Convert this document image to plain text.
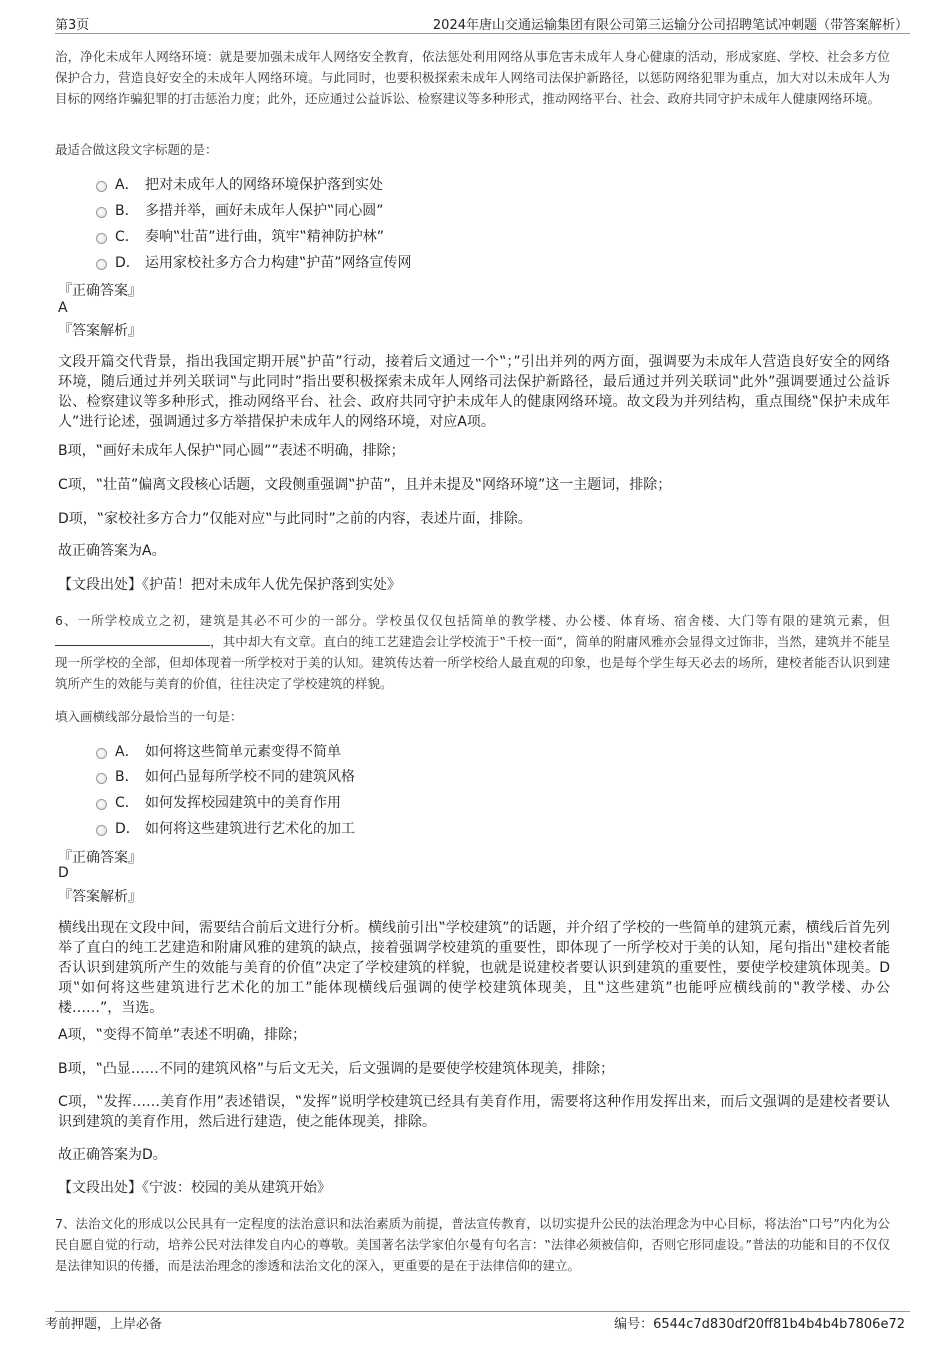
第3页	2024年唐山交通运输集团有限公司第三运输分公司招聘笔试冲刺题（带答案解析）
治，净化未成年人网络环境：就是要加强未成年人网络安全教育，依法惩处利用网络从事危害未成年人身心健康的活动，形成家庭、学校、社会多方位保护合力，营造良好安全的未成年人网络环境。与此同时，也要积极探索未成年人网络司法保护新路径，以惩防网络犯罪为重点，加大对以未成年人为目标的网络诈骗犯罪的打击惩治力度；此外，还应通过公益诉讼、检察建议等多种形式，推动网络平台、社会、政府共同守护未成年人健康网络环境。
最适合做这段文字标题的是：
A． 把对未成年人的网络环境保护落到实处
B． 多措并举，画好未成年人保护‟同心圆”
C． 奏响‟壮苗”进行曲，筑牢‟精神防护林”
D． 运用家校社多方合力构建‟护苗”网络宣传网
『正确答案』
A
『答案解析』
文段开篇交代背景，指出我国定期开展‟护苗”行动，接着后文通过一个‟；”引出并列的两方面，强调要为未成年人营造良好安全的网络环境，随后通过并列关联词‟与此同时”指出要积极探索未成年人网络司法保护新路径，最后通过并列关联词‟此外”强调要通过公益诉讼、检察建议等多种形式，推动网络平台、社会、政府共同守护未成年人的健康网络环境。故文段为并列结构，重点围绕‟保护未成年人”进行论述，强调通过多方举措保护未成年人的网络环境，对应A项。
B项，‟画好未成年人保护‟同心圆””表述不明确，排除；
C项，‟壮苗”偏离文段核心话题，文段侧重强调‟护苗”，且并未提及‟网络环境”这一主题词，排除；
D项，‟家校社多方合力”仅能对应‟与此同时”之前的内容，表述片面，排除。
故正确答案为A。
【文段出处】《护苗！把对未成年人优先保护落到实处》
6、一所学校成立之初，建筑是其必不可少的一部分。学校虽仅仅包括简单的教学楼、办公楼、体育场、宿舍楼、大门等有限的建筑元素，但，其中却大有文章。直白的纯工艺建造会让学校流于‟千校一面”，简单的附庸风雅亦会显得文过饰非，当然，建筑并不能呈现一所学校的全部，但却体现着一所学校对于美的认知。建筑传达着一所学校给人最直观的印象，也是每个学生每天必去的场所，建校者能否认识到建筑所产生的效能与美育的价值，往往决定了学校建筑的样貌。
填入画横线部分最恰当的一句是：
A． 如何将这些简单元素变得不简单
B． 如何凸显每所学校不同的建筑风格
C． 如何发挥校园建筑中的美育作用
D． 如何将这些建筑进行艺术化的加工
『正确答案』
D
『答案解析』
横线出现在文段中间，需要结合前后文进行分析。横线前引出‟学校建筑”的话题，并介绍了学校的一些简单的建筑元素，横线后首先列举了直白的纯工艺建造和附庸风雅的建筑的缺点，接着强调学校建筑的重要性，即体现了一所学校对于美的认知，尾句指出‟建校者能否认识到建筑所产生的效能与美育的价值”决定了学校建筑的样貌，也就是说建校者要认识到建筑的重要性，要使学校建筑体现美。D项‟如何将这些建筑进行艺术化的加工”能体现横线后强调的使学校建筑体现美，且‟这些建筑”也能呼应横线前的‟教学楼、办公楼……”，当选。
A项，‟变得不简单”表述不明确，排除；
B项，‟凸显……不同的建筑风格”与后文无关，后文强调的是要使学校建筑体现美，排除；
C项，‟发挥……美育作用”表述错误，‟发挥”说明学校建筑已经具有美育作用，需要将这种作用发挥出来，而后文强调的是建校者要认识到建筑的美育作用，然后进行建造，使之能体现美，排除。
故正确答案为D。
【文段出处】《宁波：校园的美从建筑开始》
7、法治文化的形成以公民具有一定程度的法治意识和法治素质为前提，普法宣传教育，以切实提升公民的法治理念为中心目标，将法治‟口号”内化为公民自愿自觉的行动，培养公民对法律发自内心的尊敬。美国著名法学家伯尔曼有句名言：‟法律必须被信仰，否则它形同虚设。”普法的功能和目的不仅仅是法律知识的传播，而是法治理念的渗透和法治文化的深入，更重要的是在于法律信仰的建立。
考前押题，上岸必备	编号：6544c7d830df20ff81b4b4b4b7806e72
